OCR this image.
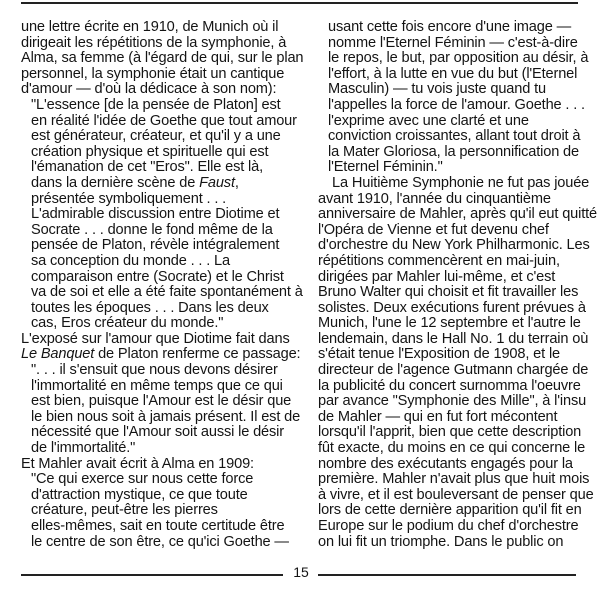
une lettre écrite en 1910, de Munich où il
dirigeait les répétitions de la symphonie, à
Alma, sa femme (à l'égard de qui, sur le plan
personnel, la symphonie était un cantique
d'amour — d'où la dédicace à son nom):
"L'essence [de la pensée de Platon] est
en réalité l'idée de Goethe que tout amour
est générateur, créateur, et qu'il y a une
création physique et spirituelle qui est
l'émanation de cet "Eros". Elle est là,
dans la dernière scène de Faust,
présentée symboliquement . . .
L'admirable discussion entre Diotime et
Socrate . . . donne le fond même de la
pensée de Platon, révèle intégralement
sa conception du monde . . . La
comparaison entre (Socrate) et le Christ
va de soi et elle a été faite spontanément à
toutes les époques . . . Dans les deux
cas, Eros créateur du monde."
L'exposé sur l'amour que Diotime fait dans
Le Banquet de Platon renferme ce passage:
". . . il s'ensuit que nous devons désirer
l'immortalité en même temps que ce qui
est bien, puisque l'Amour est le désir que
le bien nous soit à jamais présent. Il est de
nécessité que l'Amour soit aussi le désir
de l'immortalité."
Et Mahler avait écrit à Alma en 1909:
"Ce qui exerce sur nous cette force
d'attraction mystique, ce que toute
créature, peut-être les pierres
elles-mêmes, sait en toute certitude être
le centre de son être, ce qu'ici Goethe —
usant cette fois encore d'une image —
nomme l'Eternel Féminin — c'est-à-dire
le repos, le but, par opposition au désir, à
l'effort, à la lutte en vue du but (l'Eternel
Masculin) — tu vois juste quand tu
l'appelles la force de l'amour. Goethe . . .
l'exprime avec une clarté et une
conviction croissantes, allant tout droit à
la Mater Gloriosa, la personnification de
l'Eternel Féminin."
La Huitième Symphonie ne fut pas jouée
avant 1910, l'année du cinquantième
anniversaire de Mahler, après qu'il eut quitté
l'Opéra de Vienne et fut devenu chef
d'orchestre du New York Philharmonic. Les
répétitions commencèrent en mai-juin,
dirigées par Mahler lui-même, et c'est
Bruno Walter qui choisit et fit travailler les
solistes. Deux exécutions furent prévues à
Munich, l'une le 12 septembre et l'autre le
lendemain, dans le Hall No. 1 du terrain où
s'était tenue l'Exposition de 1908, et le
directeur de l'agence Gutmann chargée de
la publicité du concert surnomma l'oeuvre
par avance "Symphonie des Mille", à l'insu
de Mahler — qui en fut fort mécontent
lorsqu'il l'apprit, bien que cette description
fût exacte, du moins en ce qui concerne le
nombre des exécutants engagés pour la
première. Mahler n'avait plus que huit mois
à vivre, et il est bouleversant de penser que
lors de cette dernière apparition qu'il fit en
Europe sur le podium du chef d'orchestre
on lui fit un triomphe. Dans le public on
15
